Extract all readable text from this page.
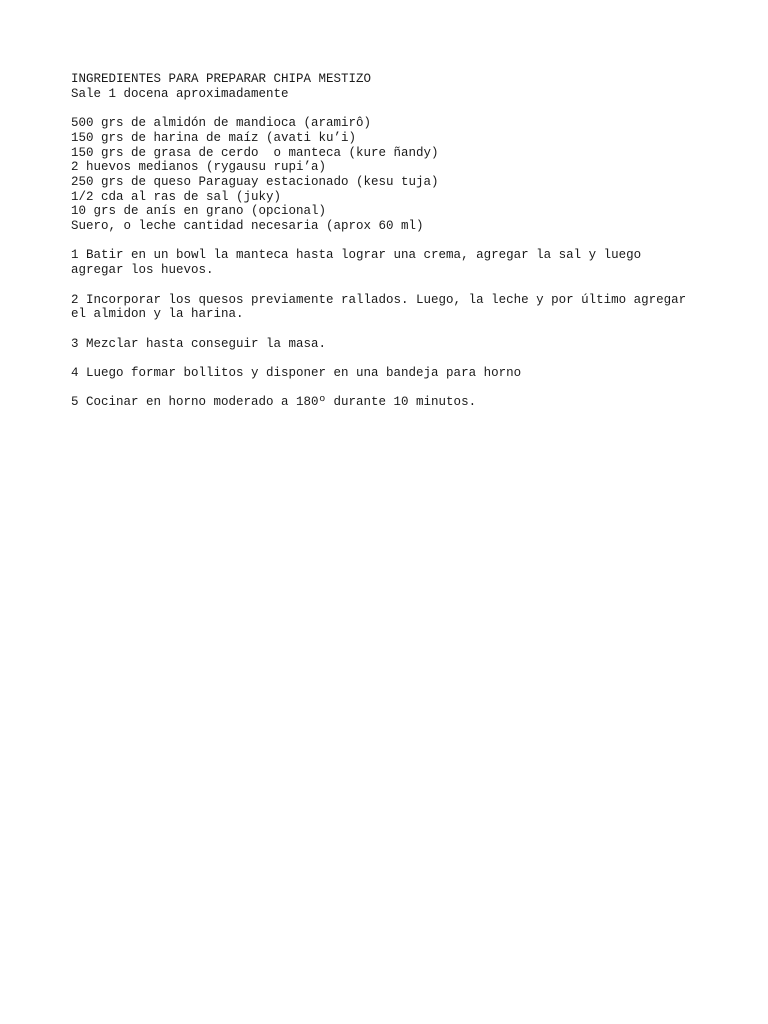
INGREDIENTES PARA PREPARAR CHIPA MESTIZO

Sale 1 docena aproximadamente

500 grs de almidón de mandioca (aramirô)

150 grs de harina de maíz (avati ku’i)

150 grs de grasa de cerdo  o manteca (kure ñandy)

2 huevos medianos (rygausu rupi’a)

250 grs de queso Paraguay estacionado (kesu tuja)

1/2 cda al ras de sal (juky)

10 grs de anís en grano (opcional)

Suero, o leche cantidad necesaria (aprox 60 ml)

1 Batir en un bowl la manteca hasta lograr una crema, agregar la sal y luego
agregar los huevos.

2 Incorporar los quesos previamente rallados. Luego, la leche y por último agregar
el almidon y la harina.

3 Mezclar hasta conseguir la masa.

4 Luego formar bollitos y disponer en una bandeja para horno

5 Cocinar en horno moderado a 180º durante 10 minutos.
